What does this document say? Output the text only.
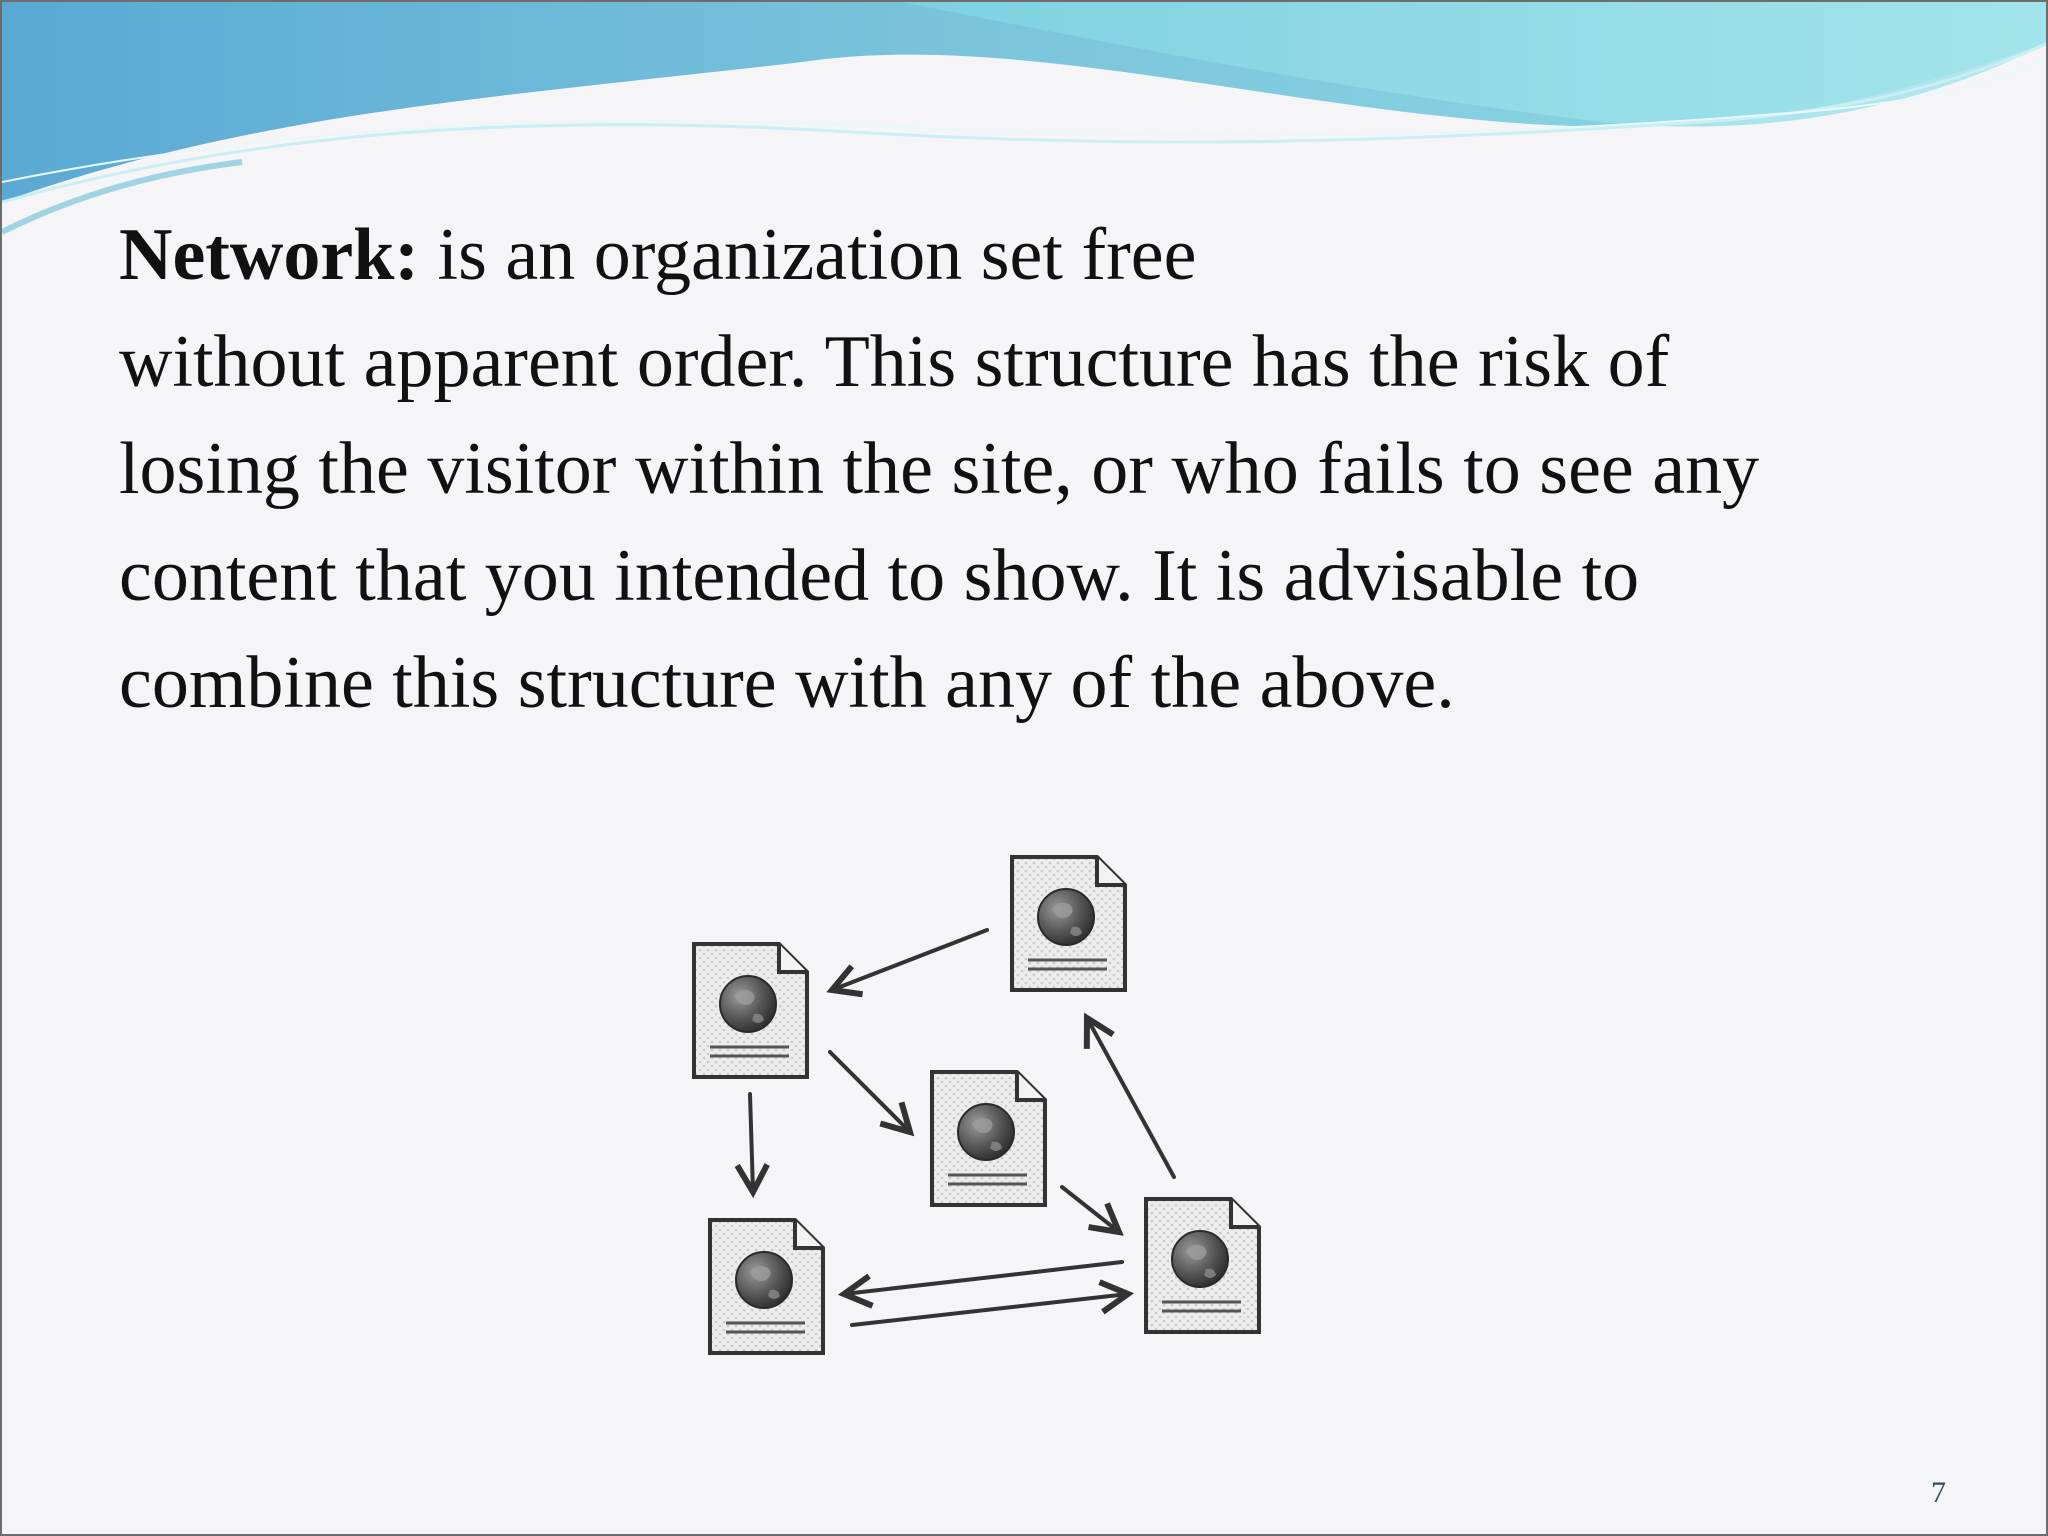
Network: is an organization set free
without apparent order. This structure has the risk of
losing the visitor within the site, or who fails to see any
content that you intended to show. It is advisable to
combine this structure with any of the above.
7
